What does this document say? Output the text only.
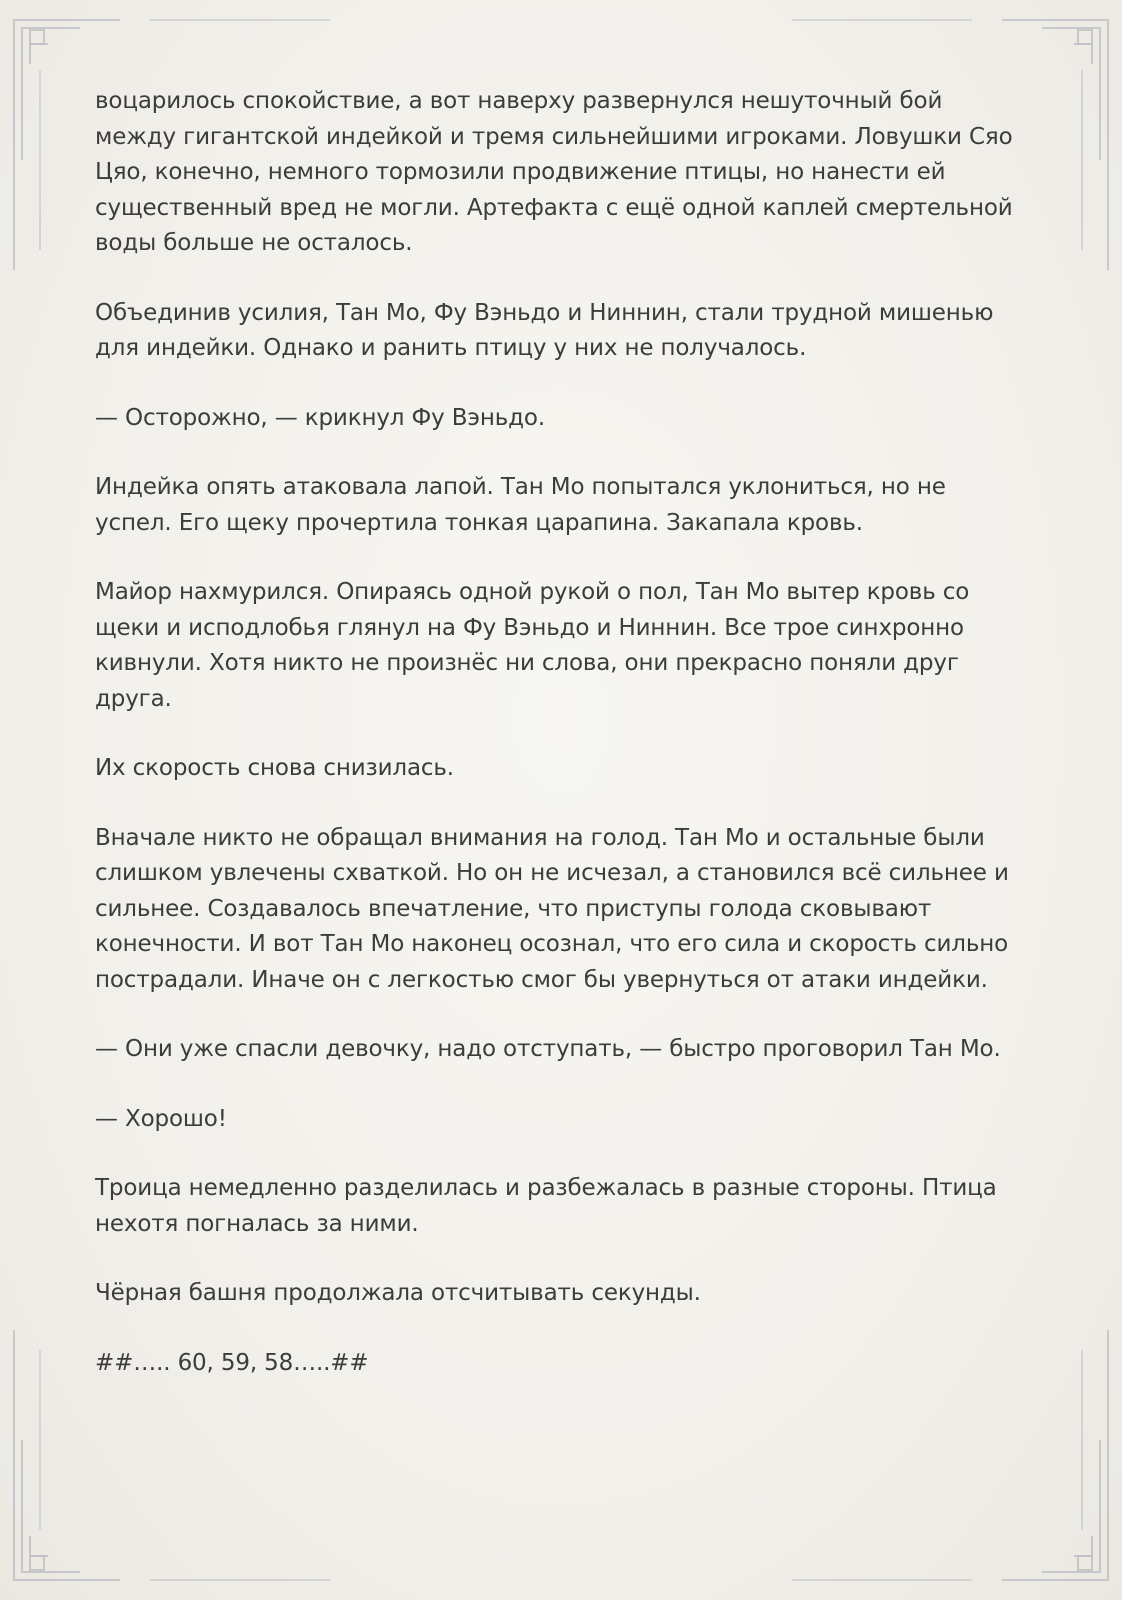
воцарилось спокойствие, а вот наверху развернулся нешуточный бой между гигантской индейкой и тремя сильнейшими игроками. Ловушки Сяо Цяо, конечно, немного тормозили продвижение птицы, но нанести ей существенный вред не могли. Артефакта с ещё одной каплей смертельной воды больше не осталось.

Объединив усилия, Тан Мо, Фу Вэньдо и Ниннин, стали трудной мишенью для индейки. Однако и ранить птицу у них не получалось.

— Осторожно, — крикнул Фу Вэньдо.

Индейка опять атаковала лапой. Тан Мо попытался уклониться, но не успел. Его щеку прочертила тонкая царапина. Закапала кровь.

Майор нахмурился. Опираясь одной рукой о пол, Тан Мо вытер кровь со щеки и исподлобья глянул на Фу Вэньдо и Ниннин. Все трое синхронно кивнули. Хотя никто не произнёс ни слова, они прекрасно поняли друг друга.

Их скорость снова снизилась.

Вначале никто не обращал внимания на голод. Тан Мо и остальные были слишком увлечены схваткой. Но он не исчезал, а становился всё сильнее и сильнее. Создавалось впечатление, что приступы голода сковывают конечности. И вот Тан Мо наконец осознал, что его сила и скорость сильно пострадали. Иначе он с легкостью смог бы увернуться от атаки индейки.

— Они уже спасли девочку, надо отступать, — быстро проговорил Тан Мо.

— Хорошо!

Троица немедленно разделилась и разбежалась в разные стороны. Птица нехотя погналась за ними.

Чёрная башня продолжала отсчитывать секунды.

##….. 60, 59, 58…..##
